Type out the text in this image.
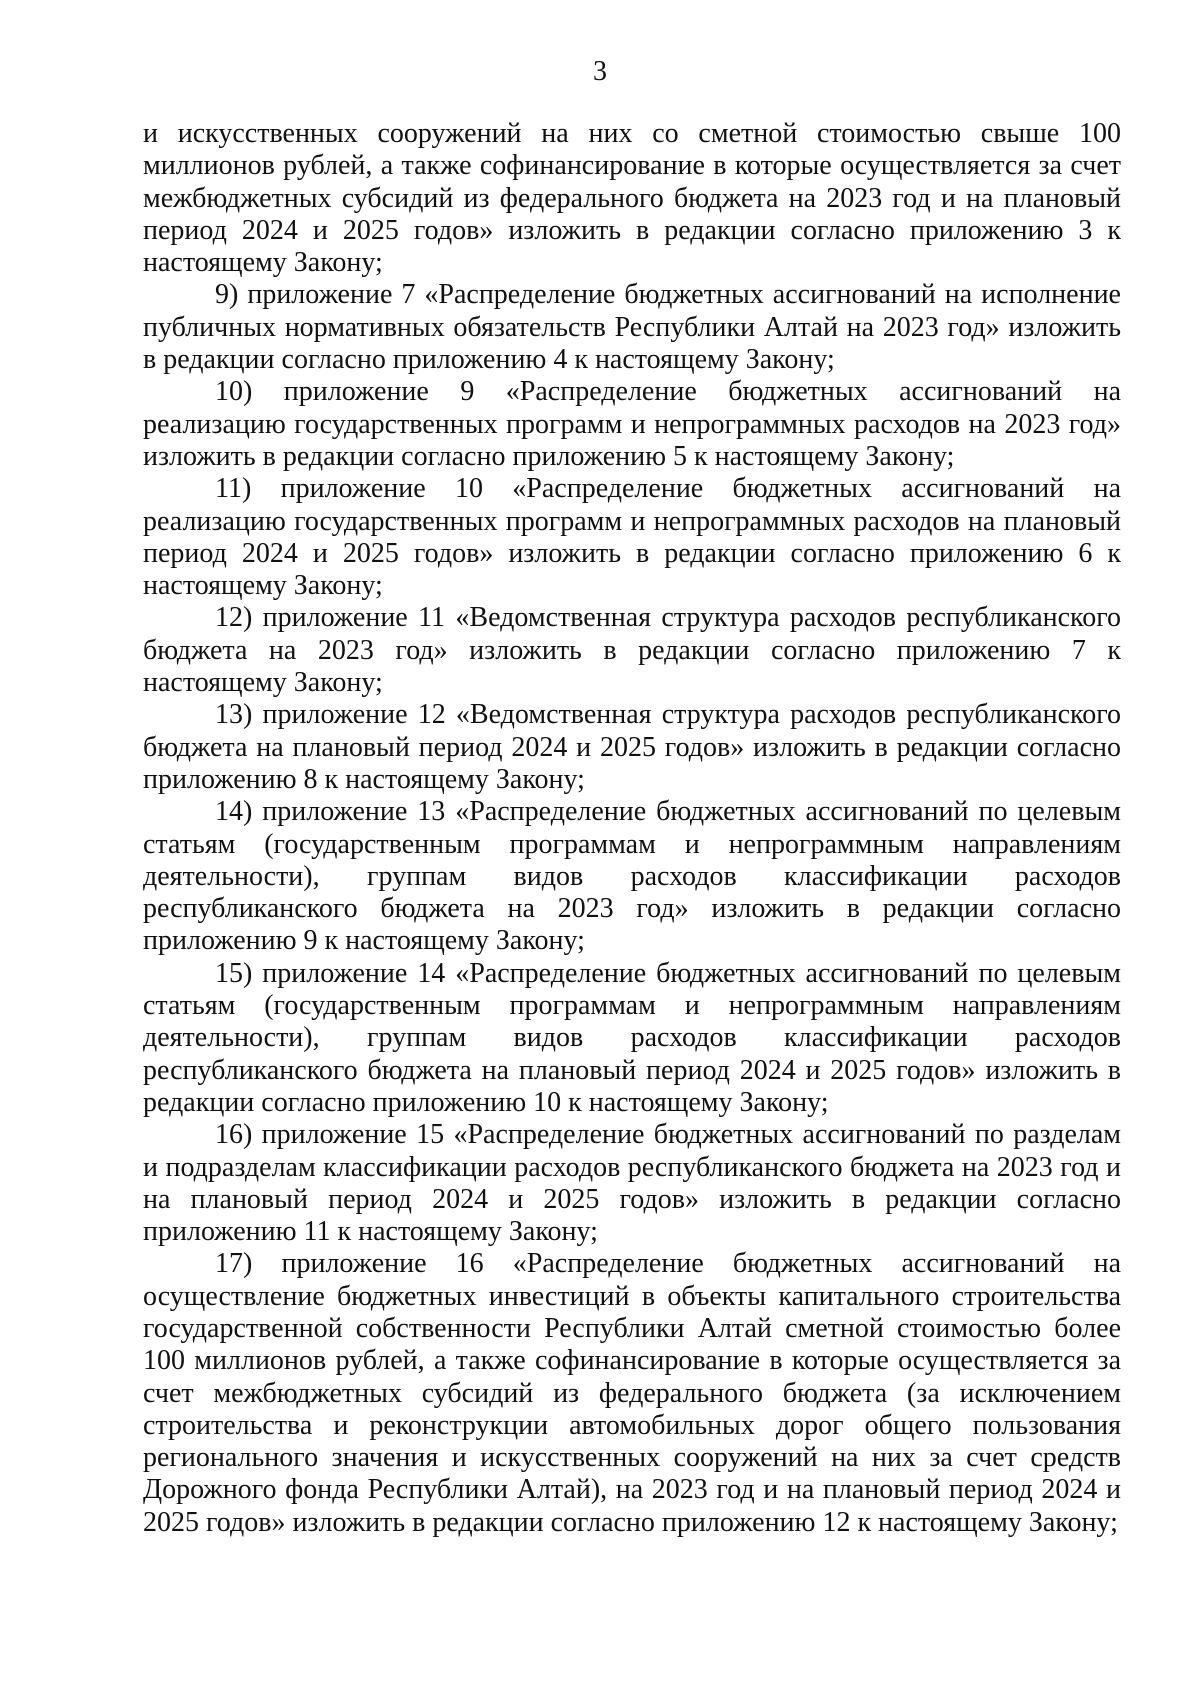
3

и искусственных сооружений на них со сметной стоимостью свыше 100 миллионов рублей, а также софинансирование в которые осуществляется за счет межбюджетных субсидий из федерального бюджета на 2023 год и на плановый период 2024 и 2025 годов» изложить в редакции согласно приложению 3 к настоящему Закону;

9) приложение 7 «Распределение бюджетных ассигнований на исполнение публичных нормативных обязательств Республики Алтай на 2023 год» изложить в редакции согласно приложению 4 к настоящему Закону;

10) приложение 9 «Распределение бюджетных ассигнований на реализацию государственных программ и непрограммных расходов на 2023 год» изложить в редакции согласно приложению 5 к настоящему Закону;

11) приложение 10 «Распределение бюджетных ассигнований на реализацию государственных программ и непрограммных расходов на плановый период 2024 и 2025 годов» изложить в редакции согласно приложению 6 к настоящему Закону;

12) приложение 11 «Ведомственная структура расходов республиканского бюджета на 2023 год» изложить в редакции согласно приложению 7 к настоящему Закону;

13) приложение 12 «Ведомственная структура расходов республиканского бюджета на плановый период 2024 и 2025 годов» изложить в редакции согласно приложению 8 к настоящему Закону;

14) приложение 13 «Распределение бюджетных ассигнований по целевым статьям (государственным программам и непрограммным направлениям деятельности), группам видов расходов классификации расходов республиканского бюджета на 2023 год» изложить в редакции согласно приложению 9 к настоящему Закону;

15) приложение 14 «Распределение бюджетных ассигнований по целевым статьям (государственным программам и непрограммным направлениям деятельности), группам видов расходов классификации расходов республиканского бюджета на плановый период 2024 и 2025 годов» изложить в редакции согласно приложению 10 к настоящему Закону;

16) приложение 15 «Распределение бюджетных ассигнований по разделам и подразделам классификации расходов республиканского бюджета на 2023 год и на плановый период 2024 и 2025 годов» изложить в редакции согласно приложению 11 к настоящему Закону;

17) приложение 16 «Распределение бюджетных ассигнований на осуществление бюджетных инвестиций в объекты капитального строительства государственной собственности Республики Алтай сметной стоимостью более 100 миллионов рублей, а также софинансирование в которые осуществляется за счет межбюджетных субсидий из федерального бюджета (за исключением строительства и реконструкции автомобильных дорог общего пользования регионального значения и искусственных сооружений на них за счет средств Дорожного фонда Республики Алтай), на 2023 год и на плановый период 2024 и 2025 годов» изложить в редакции согласно приложению 12 к настоящему Закону;
